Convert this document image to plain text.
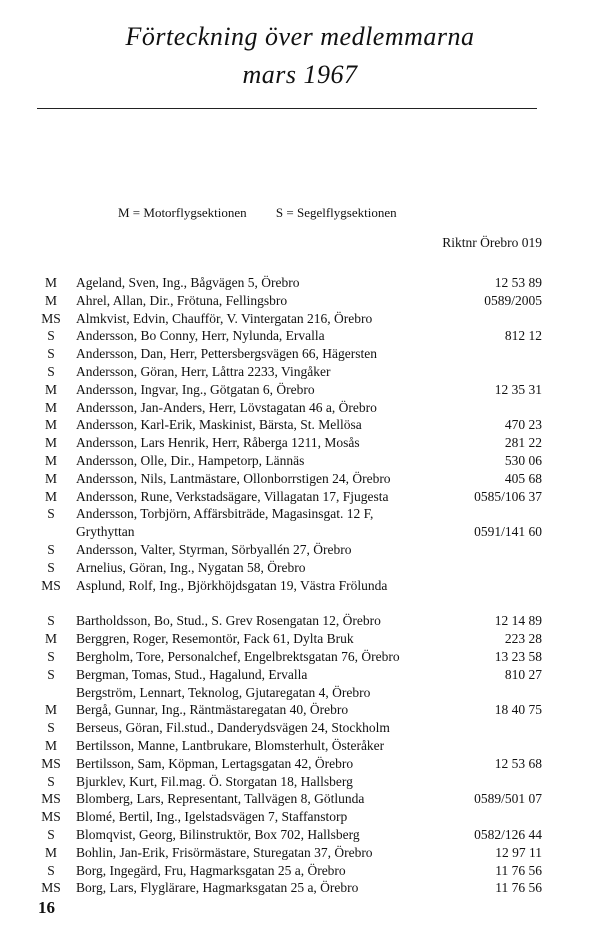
Förteckning över medlemmarna
mars 1967
M = Motorflygsektionen S = Segelflygsektionen
Riktnr Örebro 019
M	Ageland, Sven, Ing., Bågvägen 5, Örebro	12 53 89
M	Ahrel, Allan, Dir., Frötuna, Fellingsbro	0589/2005
MS	Almkvist, Edvin, Chaufför, V. Vintergatan 216, Örebro
S	Andersson, Bo Conny, Herr, Nylunda, Ervalla	812 12
S	Andersson, Dan, Herr, Pettersbergsvägen 66, Hägersten
S	Andersson, Göran, Herr, Låttra 2233, Vingåker
M	Andersson, Ingvar, Ing., Götgatan 6, Örebro	12 35 31
M	Andersson, Jan-Anders, Herr, Lövstagatan 46 a, Örebro
M	Andersson, Karl-Erik, Maskinist, Bärsta, St. Mellösa	470 23
M	Andersson, Lars Henrik, Herr, Råberga 1211, Mosås	281 22
M	Andersson, Olle, Dir., Hampetorp, Lännäs	530 06
M	Andersson, Nils, Lantmästare, Ollonborrstigen 24, Örebro	405 68
M	Andersson, Rune, Verkstadsägare, Villagatan 17, Fjugesta	0585/106 37
S	Andersson, Torbjörn, Affärsbiträde, Magasinsgat. 12 F,
Grythyttan	0591/141 60
S	Andersson, Valter, Styrman, Sörbyallén 27, Örebro
S	Arnelius, Göran, Ing., Nygatan 58, Örebro
MS	Asplund, Rolf, Ing., Björkhöjdsgatan 19, Västra Frölunda
S	Bartholdsson, Bo, Stud., S. Grev Rosengatan 12, Örebro	12 14 89
M	Berggren, Roger, Resemontör, Fack 61, Dylta Bruk	223 28
S	Bergholm, Tore, Personalchef, Engelbrektsgatan 76, Örebro	13 23 58
S	Bergman, Tomas, Stud., Hagalund, Ervalla	810 27
Bergström, Lennart, Teknolog, Gjutaregatan 4, Örebro
M	Bergå, Gunnar, Ing., Räntmästaregatan 40, Örebro	18 40 75
S	Berseus, Göran, Fil.stud., Danderydsvägen 24, Stockholm
M	Bertilsson, Manne, Lantbrukare, Blomsterhult, Österåker
MS	Bertilsson, Sam, Köpman, Lertagsgatan 42, Örebro	12 53 68
S	Bjurklev, Kurt, Fil.mag. Ö. Storgatan 18, Hallsberg
MS	Blomberg, Lars, Representant, Tallvägen 8, Götlunda	0589/501 07
MS	Blomé, Bertil, Ing., Igelstadsvägen 7, Staffanstorp
S	Blomqvist, Georg, Bilinstruktör, Box 702, Hallsberg	0582/126 44
M	Bohlin, Jan-Erik, Frisörmästare, Sturegatan 37, Örebro	12 97 11
S	Borg, Ingegärd, Fru, Hagmarksgatan 25 a, Örebro	11 76 56
MS	Borg, Lars, Flyglärare, Hagmarksgatan 25 a, Örebro	11 76 56
16
